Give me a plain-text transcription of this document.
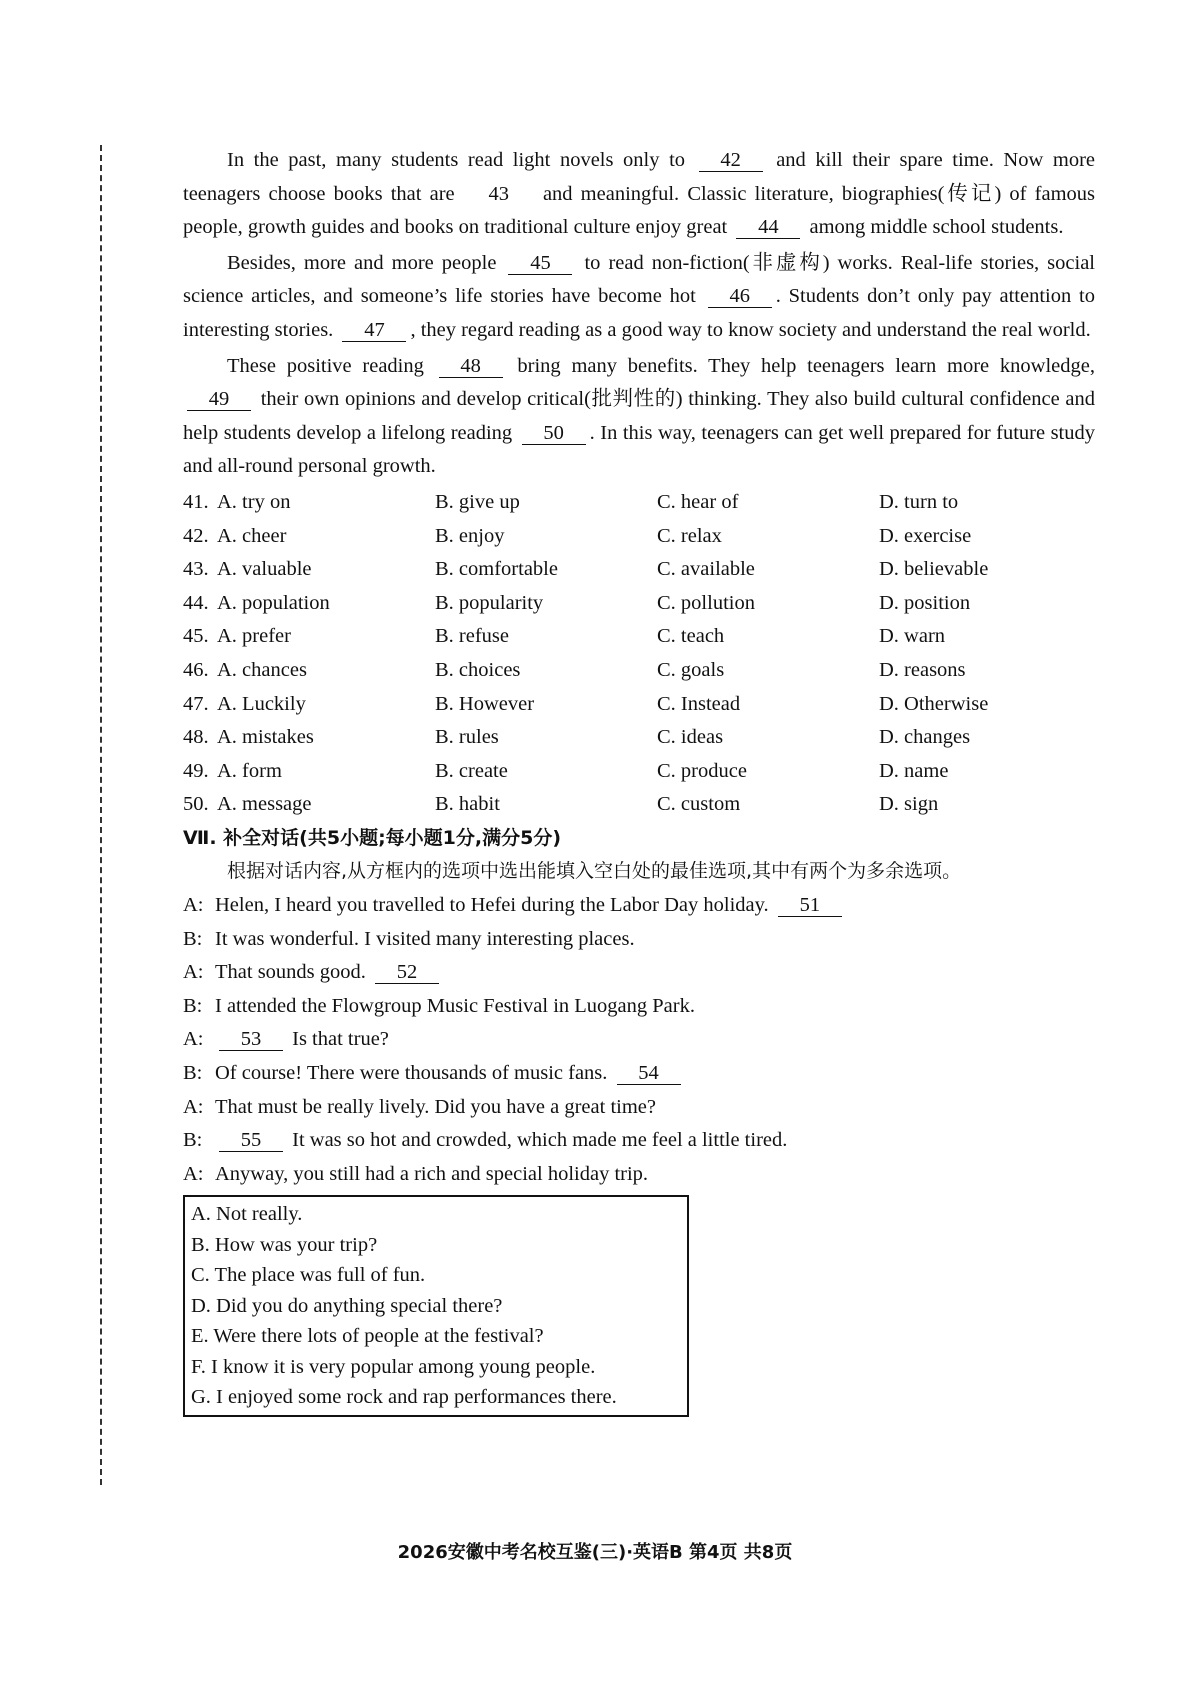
In the past, many students read light novels only to 42 and kill their spare time. Now more teenagers choose books that are 43 and meaningful. Classic literature, biographies(传记) of famous people, growth guides and books on traditional culture enjoy great 44 among middle school students.

Besides, more and more people 45 to read non-fiction(非虚构) works. Real-life stories, social science articles, and someone’s life stories have become hot 46 . Students don’t only pay attention to interesting stories. 47 , they regard reading as a good way to know society and understand the real world.

These positive reading 48 bring many benefits. They help teenagers learn more knowledge, 49 their own opinions and develop critical(批判性的) thinking. They also build cultural confidence and help students develop a lifelong reading 50 . In this way, teenagers can get well prepared for future study and all-round personal growth.

41. A. try on	B. give up	C. hear of	D. turn to
42. A. cheer	B. enjoy	C. relax	D. exercise
43. A. valuable	B. comfortable	C. available	D. believable
44. A. population	B. popularity	C. pollution	D. position
45. A. prefer	B. refuse	C. teach	D. warn
46. A. chances	B. choices	C. goals	D. reasons
47. A. Luckily	B. However	C. Instead	D. Otherwise
48. A. mistakes	B. rules	C. ideas	D. changes
49. A. form	B. create	C. produce	D. name
50. A. message	B. habit	C. custom	D. sign
Ⅶ. 补全对话(共5小题;每小题1分,满分5分)
根据对话内容,从方框内的选项中选出能填入空白处的最佳选项,其中有两个为多余选项。
A: Helen, I heard you travelled to Hefei during the Labor Day holiday. 51
B: It was wonderful. I visited many interesting places.
A: That sounds good. 52
B: I attended the Flowgroup Music Festival in Luogang Park.
A: 53 Is that true?
B: Of course! There were thousands of music fans. 54
A: That must be really lively. Did you have a great time?
B: 55 It was so hot and crowded, which made me feel a little tired.
A: Anyway, you still had a rich and special holiday trip.
A. Not really.
B. How was your trip?
C. The place was full of fun.
D. Did you do anything special there?
E. Were there lots of people at the festival?
F. I know it is very popular among young people.
G. I enjoyed some rock and rap performances there.
2026安徽中考名校互鉴(三)·英语B 第4页 共8页
